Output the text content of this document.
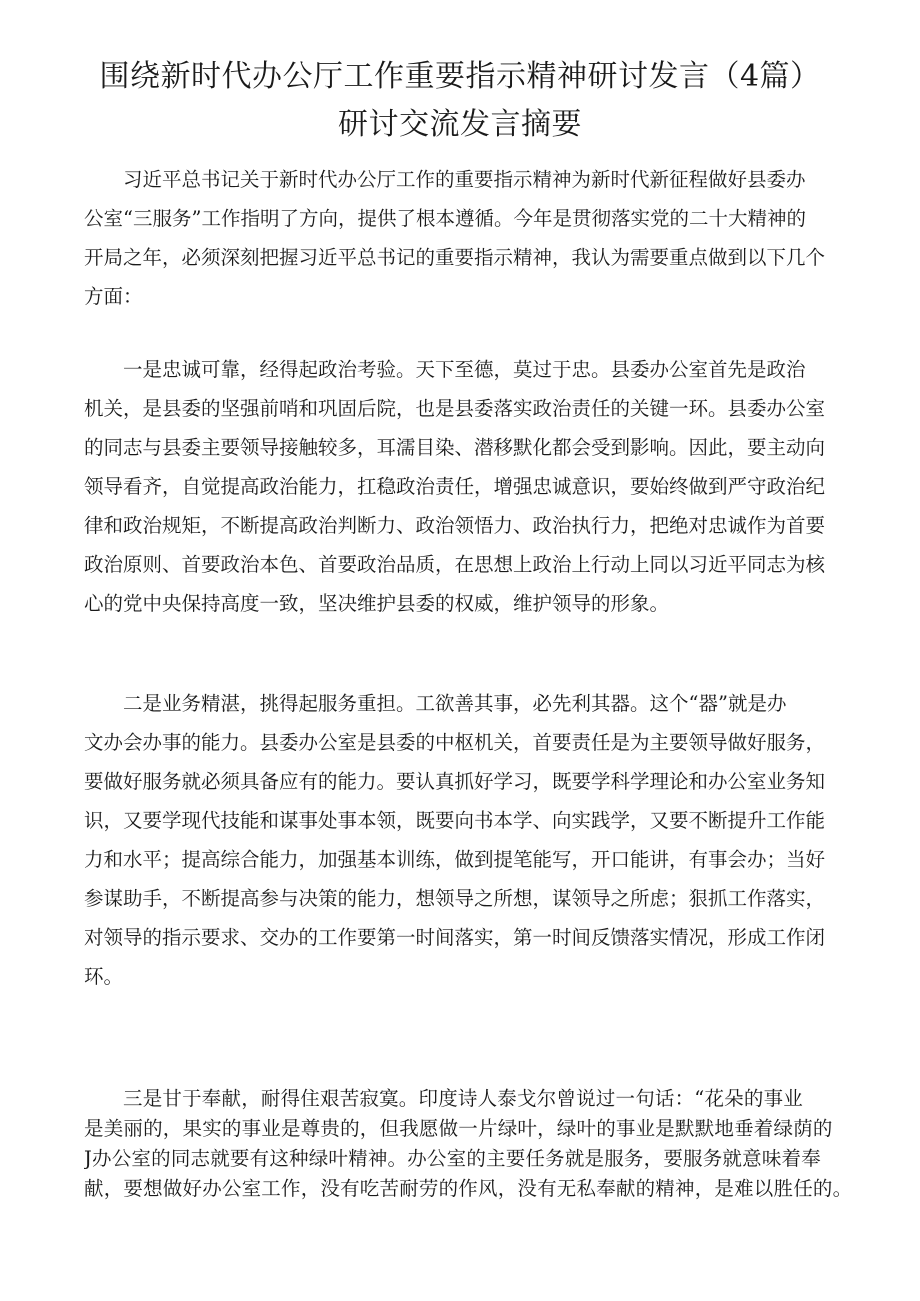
围绕新时代办公厅工作重要指示精神研讨发言（4篇）
研讨交流发言摘要

习近平总书记关于新时代办公厅工作的重要指示精神为新时代新征程做好县委办
公室“三服务”工作指明了方向，提供了根本遵循。今年是贯彻落实党的二十大精神的
开局之年，必须深刻把握习近平总书记的重要指示精神，我认为需要重点做到以下几个
方面：

一是忠诚可靠，经得起政治考验。天下至德，莫过于忠。县委办公室首先是政治
机关，是县委的坚强前哨和巩固后院，也是县委落实政治责任的关键一环。县委办公室
的同志与县委主要领导接触较多，耳濡目染、潜移默化都会受到影响。因此，要主动向
领导看齐，自觉提高政治能力，扛稳政治责任，增强忠诚意识，要始终做到严守政治纪
律和政治规矩，不断提高政治判断力、政治领悟力、政治执行力，把绝对忠诚作为首要
政治原则、首要政治本色、首要政治品质，在思想上政治上行动上同以习近平同志为核
心的党中央保持高度一致，坚决维护县委的权威，维护领导的形象。

二是业务精湛，挑得起服务重担。工欲善其事，必先利其器。这个“器”就是办
文办会办事的能力。县委办公室是县委的中枢机关，首要责任是为主要领导做好服务，
要做好服务就必须具备应有的能力。要认真抓好学习，既要学科学理论和办公室业务知
识，又要学现代技能和谋事处事本领，既要向书本学、向实践学，又要不断提升工作能
力和水平；提高综合能力，加强基本训练，做到提笔能写，开口能讲，有事会办；当好
参谋助手，不断提高参与决策的能力，想领导之所想，谋领导之所虑；狠抓工作落实，
对领导的指示要求、交办的工作要第一时间落实，第一时间反馈落实情况，形成工作闭
环。

三是甘于奉献，耐得住艰苦寂寞。印度诗人泰戈尔曾说过一句话：“花朵的事业
是美丽的，果实的事业是尊贵的，但我愿做一片绿叶，绿叶的事业是默默地垂着绿荫的
J办公室的同志就要有这种绿叶精神。办公室的主要任务就是服务，要服务就意味着奉
献，要想做好办公室工作，没有吃苦耐劳的作风，没有无私奉献的精神，是难以胜任的。
